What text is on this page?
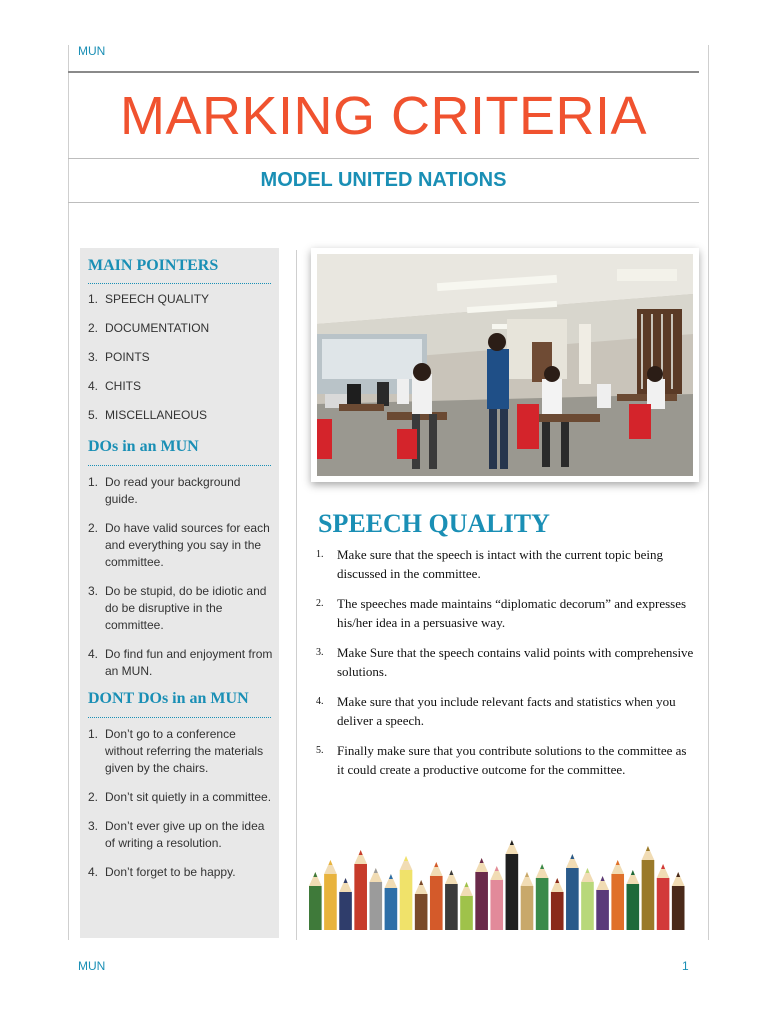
MUN
MARKING CRITERIA
MODEL UNITED NATIONS
MAIN POINTERS
1. SPEECH QUALITY
2. DOCUMENTATION
3. POINTS
4. CHITS
5. MISCELLANEOUS
DOs in an MUN
1. Do read your background guide.
2. Do have valid sources for each and everything you say in the committee.
3. Do be stupid, do be idiotic and do be disruptive in the committee.
4. Do find fun and enjoyment from an MUN.
DONT DOs in an MUN
1. Don’t go to a conference without referring the materials given by the chairs.
2. Don’t sit quietly in a committee.
3. Don’t ever give up on the idea of writing a resolution.
4. Don’t forget to be happy.
SPEECH QUALITY
1. Make sure that the speech is intact with the current topic being discussed in the committee.
2. The speeches made maintains “diplomatic decorum” and expresses his/her idea in a persuasive way.
3. Make Sure that the speech contains valid points with comprehensive solutions.
4. Make sure that you include relevant facts and statistics when you deliver a speech.
5. Finally make sure that you contribute solutions to the committee as it could create a productive outcome for the committee.
MUN	1
